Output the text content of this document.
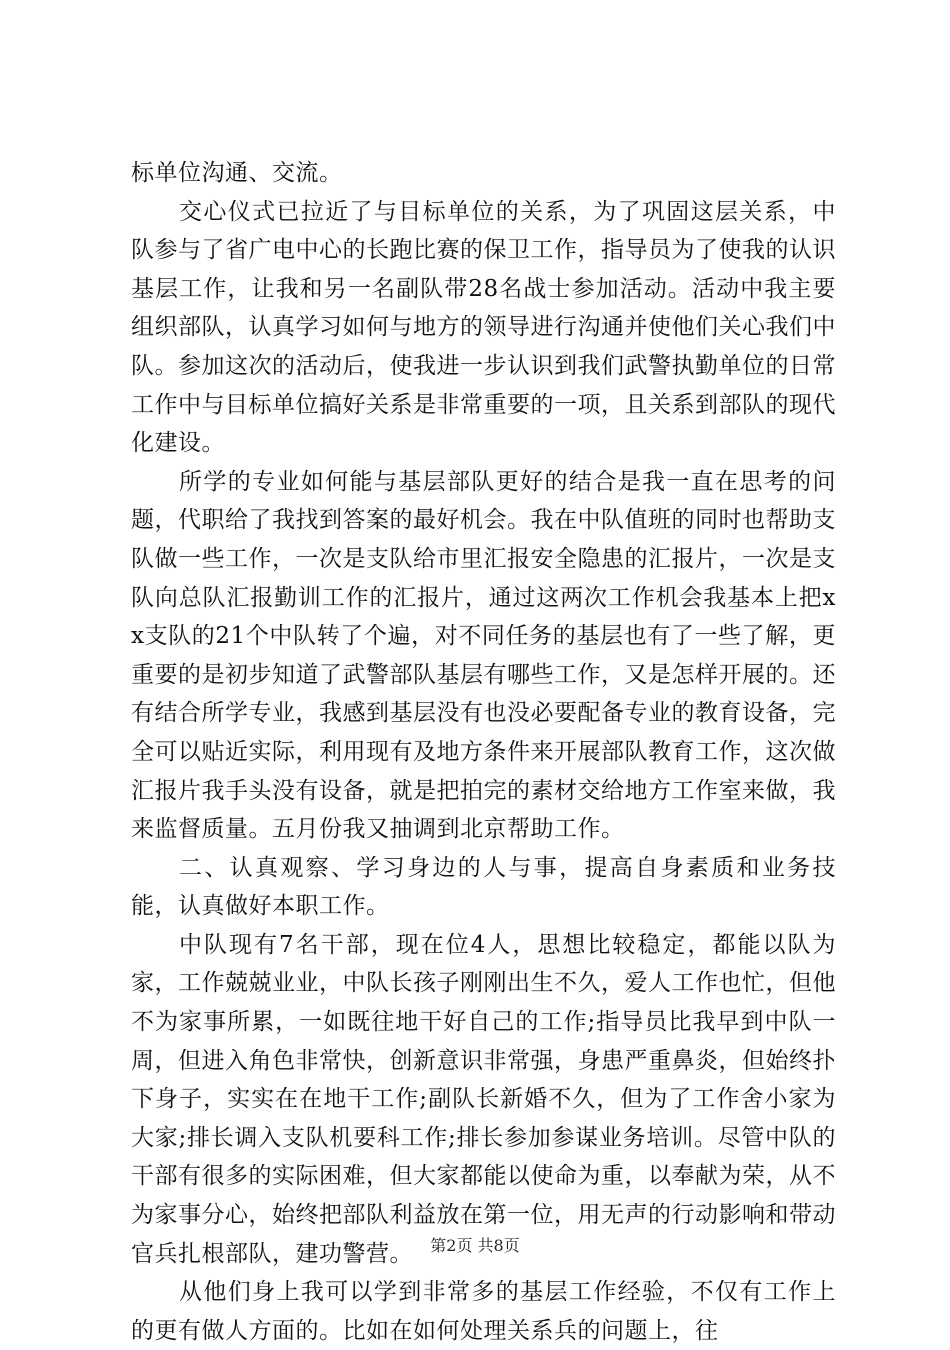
标单位沟通、交流。

交心仪式已拉近了与目标单位的关系，为了巩固这层关系，中队参与了省广电中心的长跑比赛的保卫工作，指导员为了使我的认识基层工作，让我和另一名副队带28名战士参加活动。活动中我主要组织部队，认真学习如何与地方的领导进行沟通并使他们关心我们中队。参加这次的活动后，使我进一步认识到我们武警执勤单位的日常工作中与目标单位搞好关系是非常重要的一项，且关系到部队的现代化建设。

所学的专业如何能与基层部队更好的结合是我一直在思考的问题，代职给了我找到答案的最好机会。我在中队值班的同时也帮助支队做一些工作，一次是支队给市里汇报安全隐患的汇报片，一次是支队向总队汇报勤训工作的汇报片，通过这两次工作机会我基本上把xx支队的21个中队转了个遍，对不同任务的基层也有了一些了解，更重要的是初步知道了武警部队基层有哪些工作，又是怎样开展的。还有结合所学专业，我感到基层没有也没必要配备专业的教育设备，完全可以贴近实际，利用现有及地方条件来开展部队教育工作，这次做汇报片我手头没有设备，就是把拍完的素材交给地方工作室来做，我来监督质量。五月份我又抽调到北京帮助工作。

二、认真观察、学习身边的人与事，提高自身素质和业务技能，认真做好本职工作。

中队现有7名干部，现在位4人，思想比较稳定，都能以队为家，工作兢兢业业，中队长孩子刚刚出生不久，爱人工作也忙，但他不为家事所累，一如既往地干好自己的工作;指导员比我早到中队一周，但进入角色非常快，创新意识非常强，身患严重鼻炎，但始终扑下身子，实实在在地干工作;副队长新婚不久，但为了工作舍小家为大家;排长调入支队机要科工作;排长参加参谋业务培训。尽管中队的干部有很多的实际困难，但大家都能以使命为重，以奉献为荣，从不为家事分心，始终把部队利益放在第一位，用无声的行动影响和带动官兵扎根部队，建功警营。

从他们身上我可以学到非常多的基层工作经验，不仅有工作上的更有做人方面的。比如在如何处理关系兵的问题上，往

第2页 共8页
